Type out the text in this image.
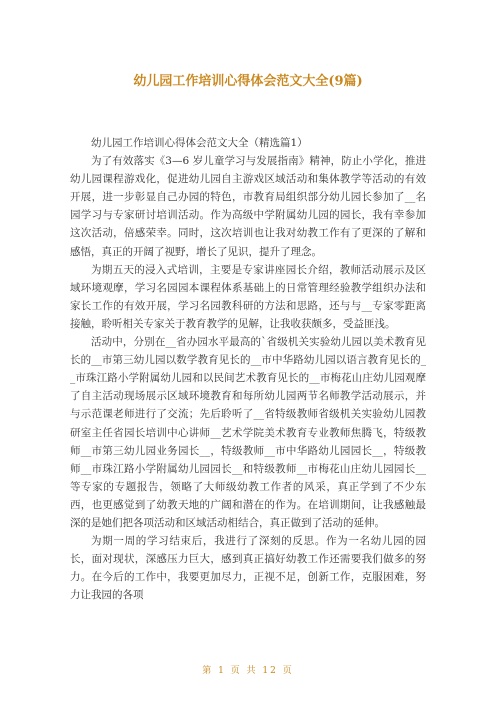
幼儿园工作培训心得体会范文大全(9篇)

幼儿园工作培训心得体会范文大全（精选篇1）

为了有效落实《3—6 岁儿童学习与发展指南》精神，防止小学化，推进幼儿园课程游戏化，促进幼儿园自主游戏区域活动和集体教学等活动的有效开展，进一步彰显自己办园的特色，市教育局组织部分幼儿园长参加了__名园学习与专家研讨培训活动。作为高级中学附属幼儿园的园长，我有幸参加这次活动，倍感荣幸。同时，这次培训也让我对幼教工作有了更深的了解和感悟，真正的开阔了视野，增长了见识，提升了理念。

为期五天的浸入式培训，主要是专家讲座园长介绍，教师活动展示及区域环境观摩，学习名园园本课程体系基础上的日常管理经验教学组织办法和家长工作的有效开展，学习名园教科研的方法和思路，还与与__专家零距离接触，聆听相关专家关于教育教学的见解，让我收获颇多，受益匪浅。

活动中，分别在__省办园水平最高的`省级机关实验幼儿园以美术教育见长的__市第三幼儿园以数学教育见长的__市中华路幼儿园以语言教育见长的__市珠江路小学附属幼儿园和以民间艺术教育见长的__市梅花山庄幼儿园观摩了自主活动现场展示区域环境教育和每所幼儿园两节名师教学活动展示，并与示范课老师进行了交流；先后聆听了__省特级教师省级机关实验幼儿园教研室主任省园长培训中心讲师__艺术学院美术教育专业教师焦腾飞，特级教师__市第三幼儿园业务园长__，特级教师__市中华路幼儿园园长__，特级教师__市珠江路小学附属幼儿园园长__和特级教师__市梅花山庄幼儿园园长__等专家的专题报告，领略了大师级幼教工作者的风采，真正学到了不少东西，也更感觉到了幼教天地的广阔和潜在的作为。在培训期间，让我感触最深的是她们把各项活动和区域活动相结合，真正做到了活动的延伸。

为期一周的学习结束后，我进行了深刻的反思。作为一名幼儿园的园长，面对现状，深感压力巨大，感到真正搞好幼教工作还需要我们做多的努力。在今后的工作中，我要更加尽力，正视不足，创新工作，克服困难，努力让我园的各项

第 1 页 共 12 页
